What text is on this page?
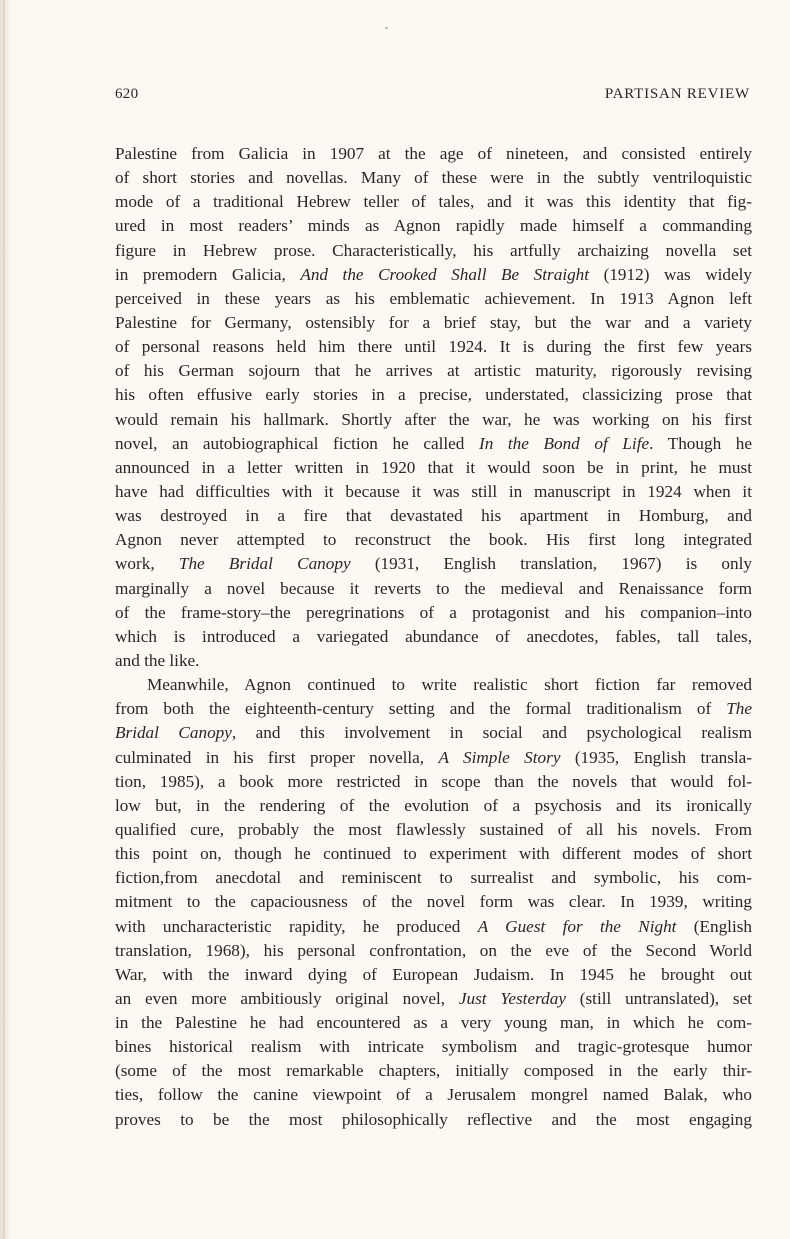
620	PARTISAN REVIEW
Palestine from Galicia in 1907 at the age of nineteen, and consisted entirely
of short stories and novellas. Many of these were in the subtly ventriloquistic
mode of a traditional Hebrew teller of tales, and it was this identity that fig-
ured in most readers’ minds as Agnon rapidly made himself a commanding
figure in Hebrew prose. Characteristically, his artfully archaizing novella set
in premodern Galicia, And the Crooked Shall Be Straight (1912) was widely
perceived in these years as his emblematic achievement. In 1913 Agnon left
Palestine for Germany, ostensibly for a brief stay, but the war and a variety
of personal reasons held him there until 1924. It is during the first few years
of his German sojourn that he arrives at artistic maturity, rigorously revising
his often effusive early stories in a precise, understated, classicizing prose that
would remain his hallmark. Shortly after the war, he was working on his first
novel, an autobiographical fiction he called In the Bond of Life. Though he
announced in a letter written in 1920 that it would soon be in print, he must
have had difficulties with it because it was still in manuscript in 1924 when it
was destroyed in a fire that devastated his apartment in Homburg, and
Agnon never attempted to reconstruct the book. His first long integrated
work, The Bridal Canopy (1931, English translation, 1967) is only
marginally a novel because it reverts to the medieval and Renaissance form
of the frame-story–the peregrinations of a protagonist and his companion–into
which is introduced a variegated abundance of anecdotes, fables, tall tales,
and the like.
Meanwhile, Agnon continued to write realistic short fiction far removed
from both the eighteenth-century setting and the formal traditionalism of The
Bridal Canopy, and this involvement in social and psychological realism
culminated in his first proper novella, A Simple Story (1935, English transla-
tion, 1985), a book more restricted in scope than the novels that would fol-
low but, in the rendering of the evolution of a psychosis and its ironically
qualified cure, probably the most flawlessly sustained of all his novels. From
this point on, though he continued to experiment with different modes of short
fiction,from anecdotal and reminiscent to surrealist and symbolic, his com-
mitment to the capaciousness of the novel form was clear. In 1939, writing
with uncharacteristic rapidity, he produced A Guest for the Night (English
translation, 1968), his personal confrontation, on the eve of the Second World
War, with the inward dying of European Judaism. In 1945 he brought out
an even more ambitiously original novel, Just Yesterday (still untranslated), set
in the Palestine he had encountered as a very young man, in which he com-
bines historical realism with intricate symbolism and tragic-grotesque humor
(some of the most remarkable chapters, initially composed in the early thir-
ties, follow the canine viewpoint of a Jerusalem mongrel named Balak, who
proves to be the most philosophically reflective and the most engaging
